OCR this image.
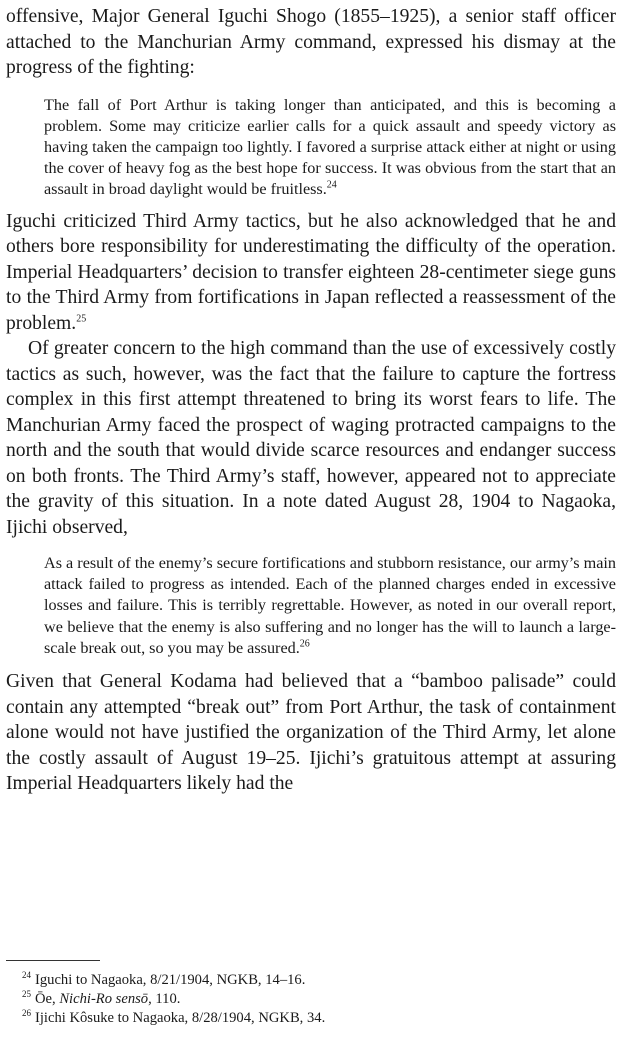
offensive, Major General Iguchi Shogo (1855–1925), a senior staff officer attached to the Manchurian Army command, expressed his dismay at the progress of the fighting:

The fall of Port Arthur is taking longer than anticipated, and this is becoming a problem. Some may criticize earlier calls for a quick assault and speedy victory as having taken the campaign too lightly. I favored a surprise attack either at night or using the cover of heavy fog as the best hope for success. It was obvious from the start that an assault in broad daylight would be fruitless.$^{24}$

Iguchi criticized Third Army tactics, but he also acknowledged that he and others bore responsibility for underestimating the difficulty of the operation. Imperial Headquarters’ decision to transfer eighteen 28-centimeter siege guns to the Third Army from fortifications in Japan reflected a reassessment of the problem.$^{25}$

Of greater concern to the high command than the use of excessively costly tactics as such, however, was the fact that the failure to capture the fortress complex in this first attempt threatened to bring its worst fears to life. The Manchurian Army faced the prospect of waging protracted campaigns to the north and the south that would divide scarce resources and endanger success on both fronts. The Third Army’s staff, however, appeared not to appreciate the gravity of this situation. In a note dated August 28, 1904 to Nagaoka, Ijichi observed,

As a result of the enemy’s secure fortifications and stubborn resistance, our army’s main attack failed to progress as intended. Each of the planned charges ended in excessive losses and failure. This is terribly regrettable. However, as noted in our overall report, we believe that the enemy is also suffering and no longer has the will to launch a large-scale break out, so you may be assured.$^{26}$

Given that General Kodama had believed that a “bamboo palisade” could contain any attempted “break out” from Port Arthur, the task of containment alone would not have justified the organization of the Third Army, let alone the costly assault of August 19–25. Ijichi’s gratuitous attempt at assuring Imperial Headquarters likely had the

$^{24}$ Iguchi to Nagaoka, 8/21/1904, NGKB, 14–16.
$^{25}$ Ōe, Nichi-Ro sensō, 110.
$^{26}$ Ijichi Kôsuke to Nagaoka, 8/28/1904, NGKB, 34.
